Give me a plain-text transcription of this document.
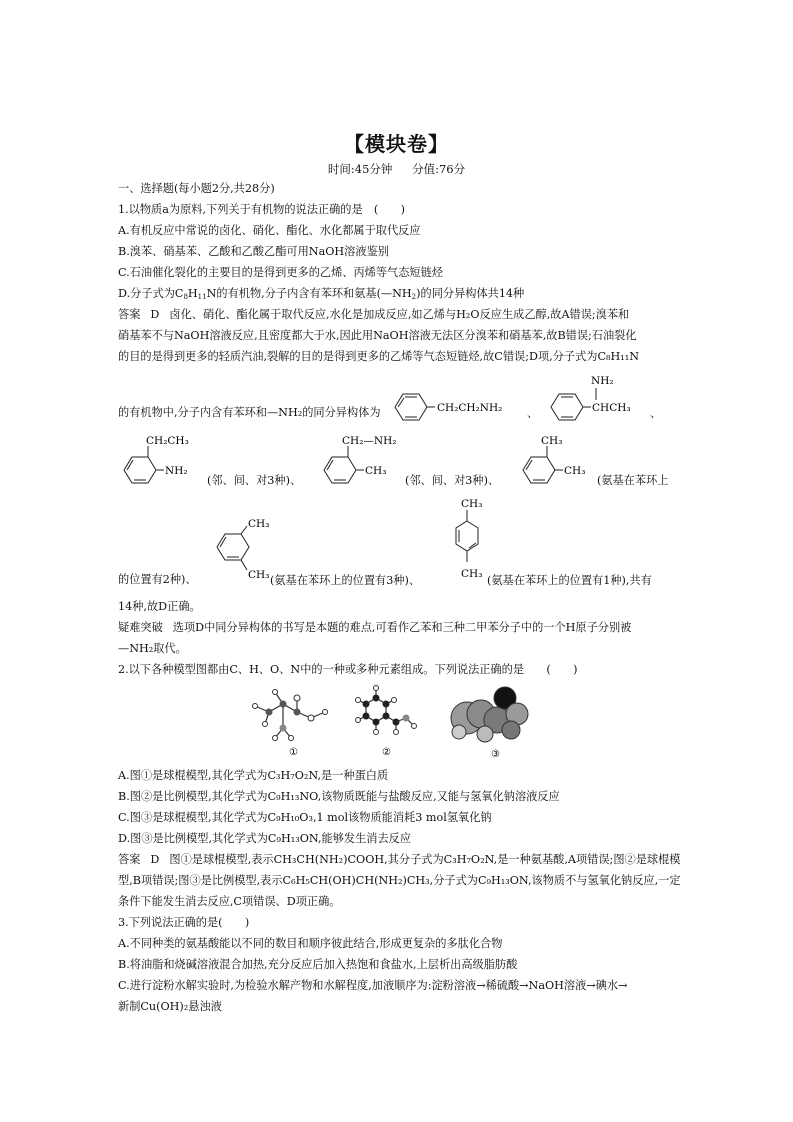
【模块卷】
时间:45分钟 分值:76分
一、选择题(每小题2分,共28分)
1.以物质a为原料,下列关于有机物的说法正确的是　(　　)
A.有机反应中常说的卤化、硝化、酯化、水化都属于取代反应
B.溴苯、硝基苯、乙酸和乙酸乙酯可用NaOH溶液鉴别
C.石油催化裂化的主要目的是得到更多的乙烯、丙烯等气态短链烃
D.分子式为$C_8H_{11}N$的有机物,分子内含有苯环和氨基$(—NH_2)$的同分异构体共14种
答案 D 卤化、硝化、酯化属于取代反应,水化是加成反应,如乙烯与H₂O反应生成乙醇,故A错误;溴苯和
硝基苯不与NaOH溶液反应,且密度都大于水,因此用NaOH溶液无法区分溴苯和硝基苯,故B错误;石油裂化
的目的是得到更多的轻质汽油,裂解的目的是得到更多的乙烯等气态短链烃,故C错误;D项,分子式为C₈H₁₁N
的有机物中,分子内含有苯环和—NH₂的同分异构体为	CH₂CH₂NH₂ 、
NH₂
CHCH₃ 、
CH₂CH₃
NH₂
(邻、间、对3种)、
CH₂—NH₂
CH₃
(邻、间、对3种)、
CH₃
CH₃
(氨基在苯环上
CH₃
CH₃
CH₃
CH₃
的位置有2种)、	(氨基在苯环上的位置有3种)、	(氨基在苯环上的位置有1种),共有
14种,故D正确。
疑难突破 选项D中同分异构体的书写是本题的难点,可看作乙苯和三种二甲苯分子中的一个H原子分别被
—NH₂取代。
2.以下各种模型图都由C、H、O、N中的一种或多种元素组成。下列说法正确的是　　(　　)
①	②	③
A.图①是球棍模型,其化学式为C₃H₇O₂N,是一种蛋白质
B.图②是比例模型,其化学式为C₉H₁₃NO,该物质既能与盐酸反应,又能与氢氧化钠溶液反应
C.图③是球棍模型,其化学式为C₉H₁₀O₃,1 mol该物质能消耗3 mol氢氧化钠
D.图③是比例模型,其化学式为C₉H₁₃ON,能够发生消去反应
答案 D 图①是球棍模型,表示CH₃CH(NH₂)COOH,其分子式为C₃H₇O₂N,是一种氨基酸,A项错误;图②是球棍模
型,B项错误;图③是比例模型,表示C₆H₅CH(OH)CH(NH₂)CH₃,分子式为C₉H₁₃ON,该物质不与氢氧化钠反应,一定
条件下能发生消去反应,C项错误、D项正确。
3.下列说法正确的是(　　)
A.不同种类的氨基酸能以不同的数目和顺序彼此结合,形成更复杂的多肽化合物
B.将油脂和烧碱溶液混合加热,充分反应后加入热饱和食盐水,上层析出高级脂肪酸
C.进行淀粉水解实验时,为检验水解产物和水解程度,加液顺序为:淀粉溶液→稀硫酸→NaOH溶液→碘水→
新制Cu(OH)₂悬浊液
